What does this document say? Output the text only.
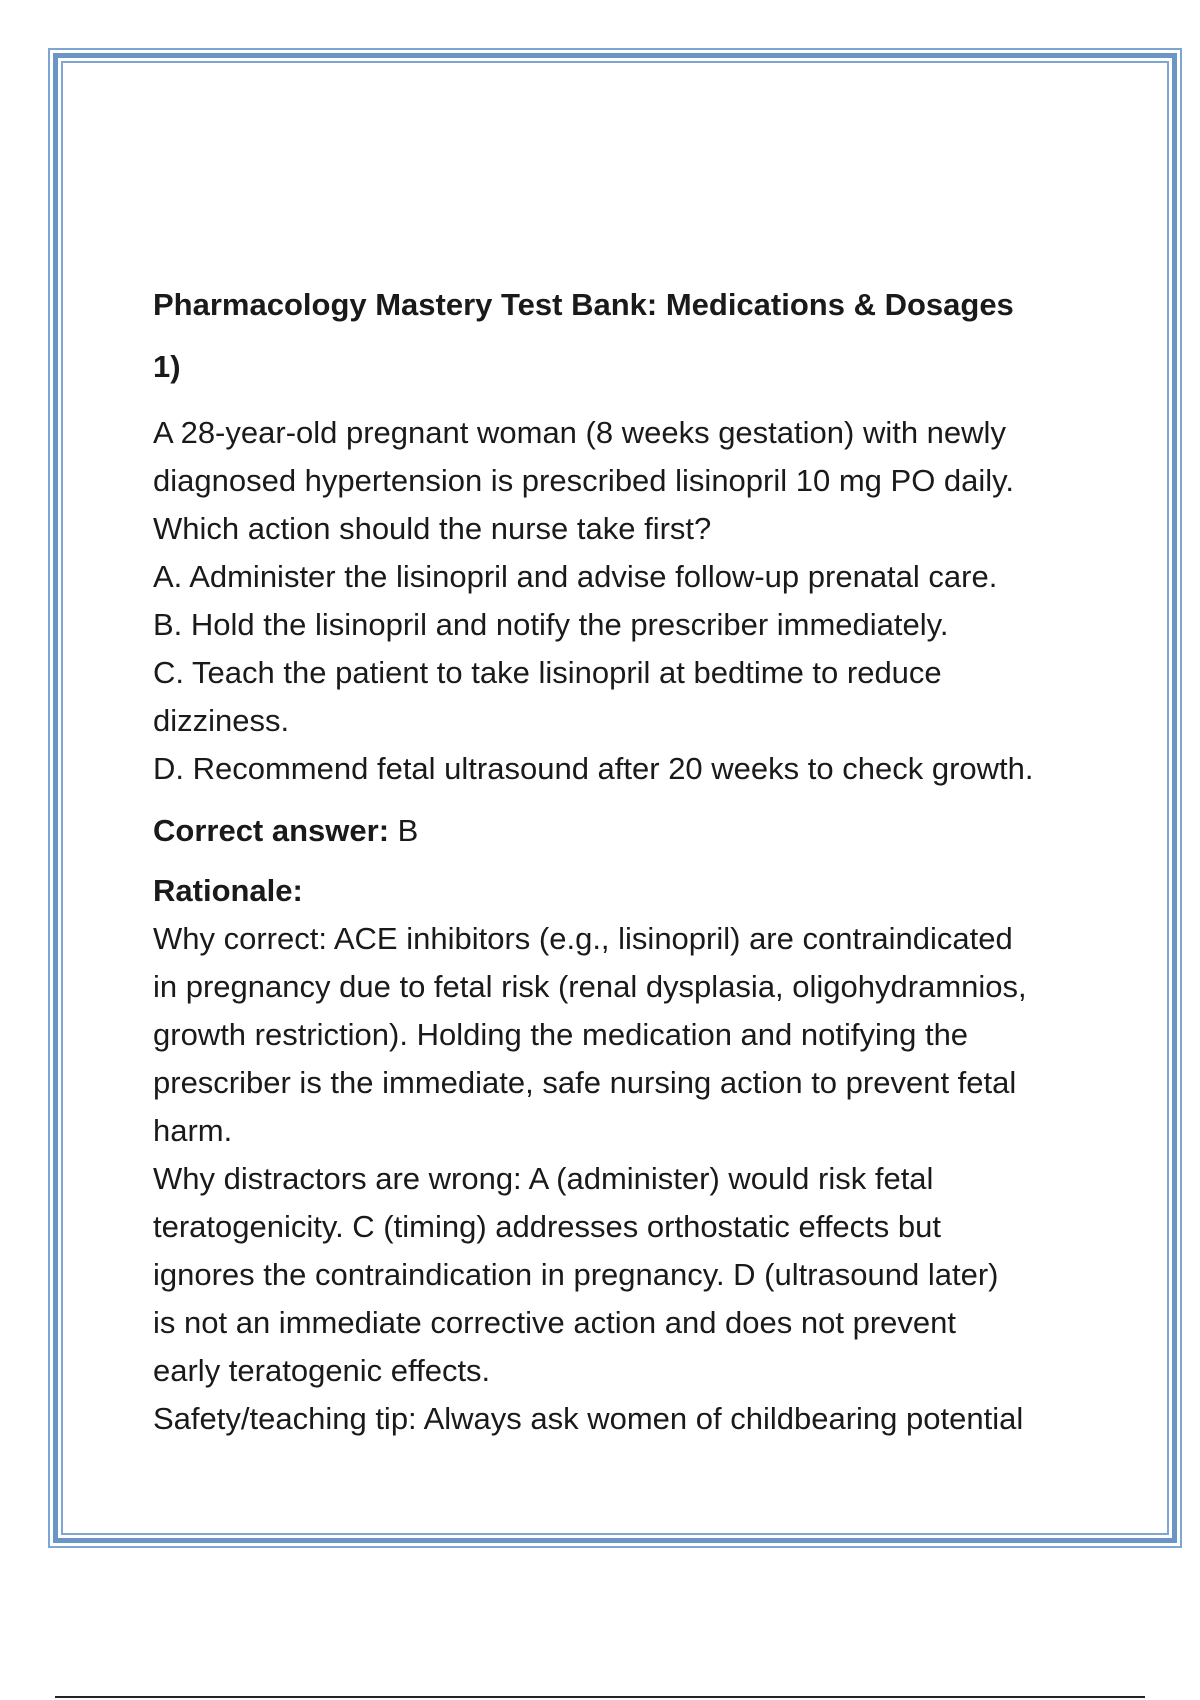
Pharmacology Mastery Test Bank: Medications & Dosages
1)
A 28-year-old pregnant woman (8 weeks gestation) with newly
diagnosed hypertension is prescribed lisinopril 10 mg PO daily.
Which action should the nurse take first?
A. Administer the lisinopril and advise follow-up prenatal care.
B. Hold the lisinopril and notify the prescriber immediately.
C. Teach the patient to take lisinopril at bedtime to reduce
dizziness.
D. Recommend fetal ultrasound after 20 weeks to check growth.
Correct answer: B
Rationale:
Why correct: ACE inhibitors (e.g., lisinopril) are contraindicated
in pregnancy due to fetal risk (renal dysplasia, oligohydramnios,
growth restriction). Holding the medication and notifying the
prescriber is the immediate, safe nursing action to prevent fetal
harm.
Why distractors are wrong: A (administer) would risk fetal
teratogenicity. C (timing) addresses orthostatic effects but
ignores the contraindication in pregnancy. D (ultrasound later)
is not an immediate corrective action and does not prevent
early teratogenic effects.
Safety/teaching tip: Always ask women of childbearing potential
